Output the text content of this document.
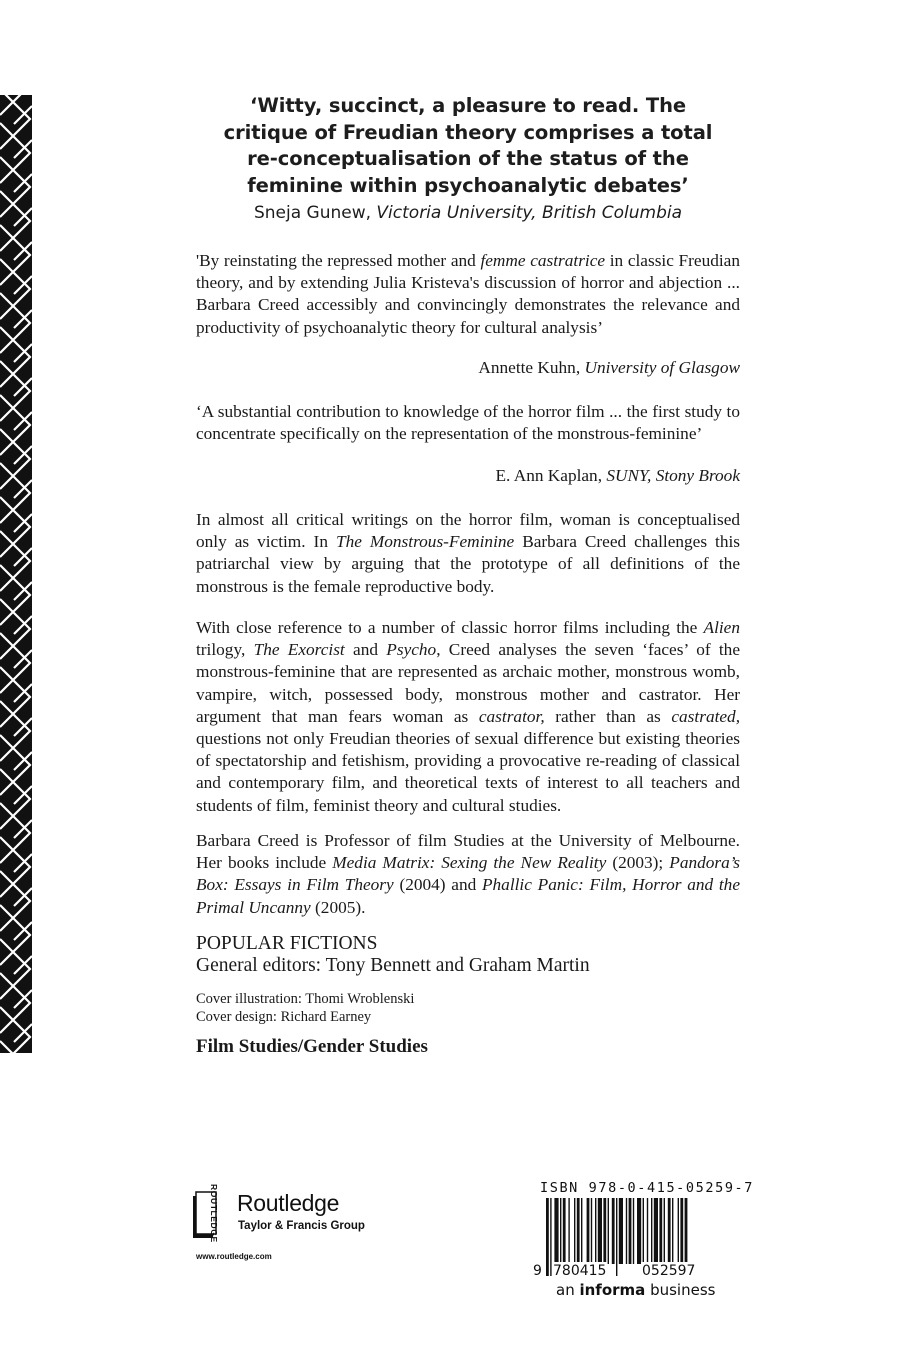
‘Witty, succinct, a pleasure to read. The
critique of Freudian theory comprises a total
re-conceptualisation of the status of the
feminine within psychoanalytic debates’
Sneja Gunew, Victoria University, British Columbia
'By reinstating the repressed mother and femme castratrice in classic Freudian theory, and by extending Julia Kristeva's discussion of horror and abjection ... Barbara Creed accessibly and convincingly demonstrates the relevance and productivity of psychoanalytic theory for cultural analysis’
Annette Kuhn, University of Glasgow
‘A substantial contribution to knowledge of the horror film ... the first study to concentrate specifically on the representation of the monstrous-feminine’
E. Ann Kaplan, SUNY, Stony Brook
In almost all critical writings on the horror film, woman is conceptualised only as victim. In The Monstrous-Feminine Barbara Creed challenges this patriarchal view by arguing that the prototype of all definitions of the monstrous is the female reproductive body.
With close reference to a number of classic horror films including the Alien trilogy, The Exorcist and Psycho, Creed analyses the seven ‘faces’ of the monstrous-feminine that are represented as archaic mother, monstrous womb, vampire, witch, possessed body, monstrous mother and castrator. Her argument that man fears woman as castrator, rather than as castrated, questions not only Freudian theories of sexual difference but existing theories of spectatorship and fetishism, providing a provocative re-reading of classical and contemporary film, and theoretical texts of interest to all teachers and students of film, feminist theory and cultural studies.
Barbara Creed is Professor of film Studies at the University of Melbourne. Her books include Media Matrix: Sexing the New Reality (2003); Pandora’s Box: Essays in Film Theory (2004) and Phallic Panic: Film, Horror and the Primal Uncanny (2005).
POPULAR FICTIONS
General editors: Tony Bennett and Graham Martin
Cover illustration: Thomi Wroblenski
Cover design: Richard Earney
Film Studies/Gender Studies
ROUTLEDGE Routledge
Taylor & Francis Group
www.routledge.com
ISBN 978-0-415-05259-7
9 780415	052597
an informa business
